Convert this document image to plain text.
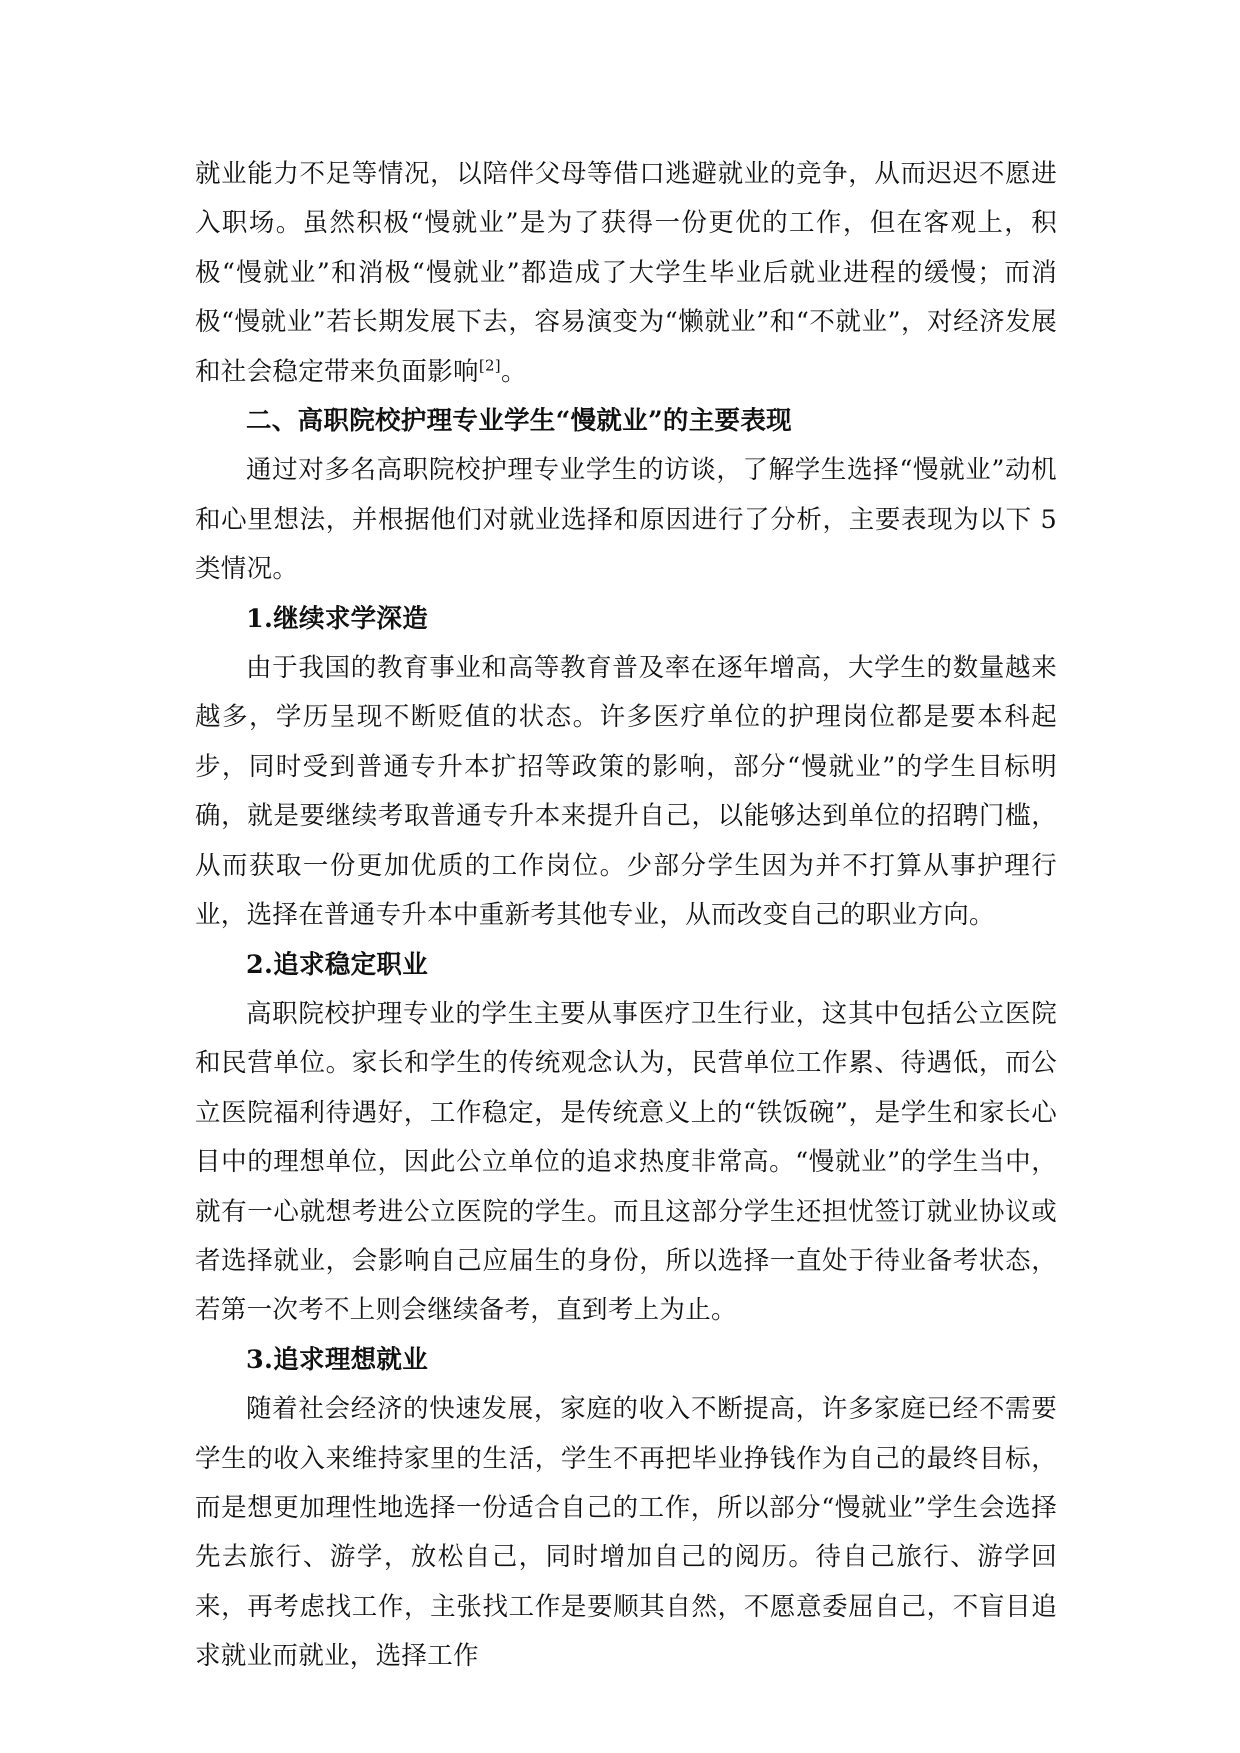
就业能力不足等情况，以陪伴父母等借口逃避就业的竞争，从而迟迟不愿进入职场。虽然积极“慢就业”是为了获得一份更优的工作，但在客观上，积极“慢就业”和消极“慢就业”都造成了大学生毕业后就业进程的缓慢；而消极“慢就业”若长期发展下去，容易演变为“懒就业”和“不就业”，对经济发展和社会稳定带来负面影响[2]。

二、高职院校护理专业学生“慢就业”的主要表现

通过对多名高职院校护理专业学生的访谈，了解学生选择“慢就业”动机和心里想法，并根据他们对就业选择和原因进行了分析，主要表现为以下 5 类情况。

1.继续求学深造

由于我国的教育事业和高等教育普及率在逐年增高，大学生的数量越来越多，学历呈现不断贬值的状态。许多医疗单位的护理岗位都是要本科起步，同时受到普通专升本扩招等政策的影响，部分“慢就业”的学生目标明确，就是要继续考取普通专升本来提升自己，以能够达到单位的招聘门槛，从而获取一份更加优质的工作岗位。少部分学生因为并不打算从事护理行业，选择在普通专升本中重新考其他专业，从而改变自己的职业方向。

2.追求稳定职业

高职院校护理专业的学生主要从事医疗卫生行业，这其中包括公立医院和民营单位。家长和学生的传统观念认为，民营单位工作累、待遇低，而公立医院福利待遇好，工作稳定，是传统意义上的“铁饭碗”，是学生和家长心目中的理想单位，因此公立单位的追求热度非常高。“慢就业”的学生当中，就有一心就想考进公立医院的学生。而且这部分学生还担忧签订就业协议或者选择就业，会影响自己应届生的身份，所以选择一直处于待业备考状态，若第一次考不上则会继续备考，直到考上为止。

3.追求理想就业

随着社会经济的快速发展，家庭的收入不断提高，许多家庭已经不需要学生的收入来维持家里的生活，学生不再把毕业挣钱作为自己的最终目标，而是想更加理性地选择一份适合自己的工作，所以部分“慢就业”学生会选择先去旅行、游学，放松自己，同时增加自己的阅历。待自己旅行、游学回来，再考虑找工作，主张找工作是要顺其自然，不愿意委屈自己，不盲目追求就业而就业，选择工作
